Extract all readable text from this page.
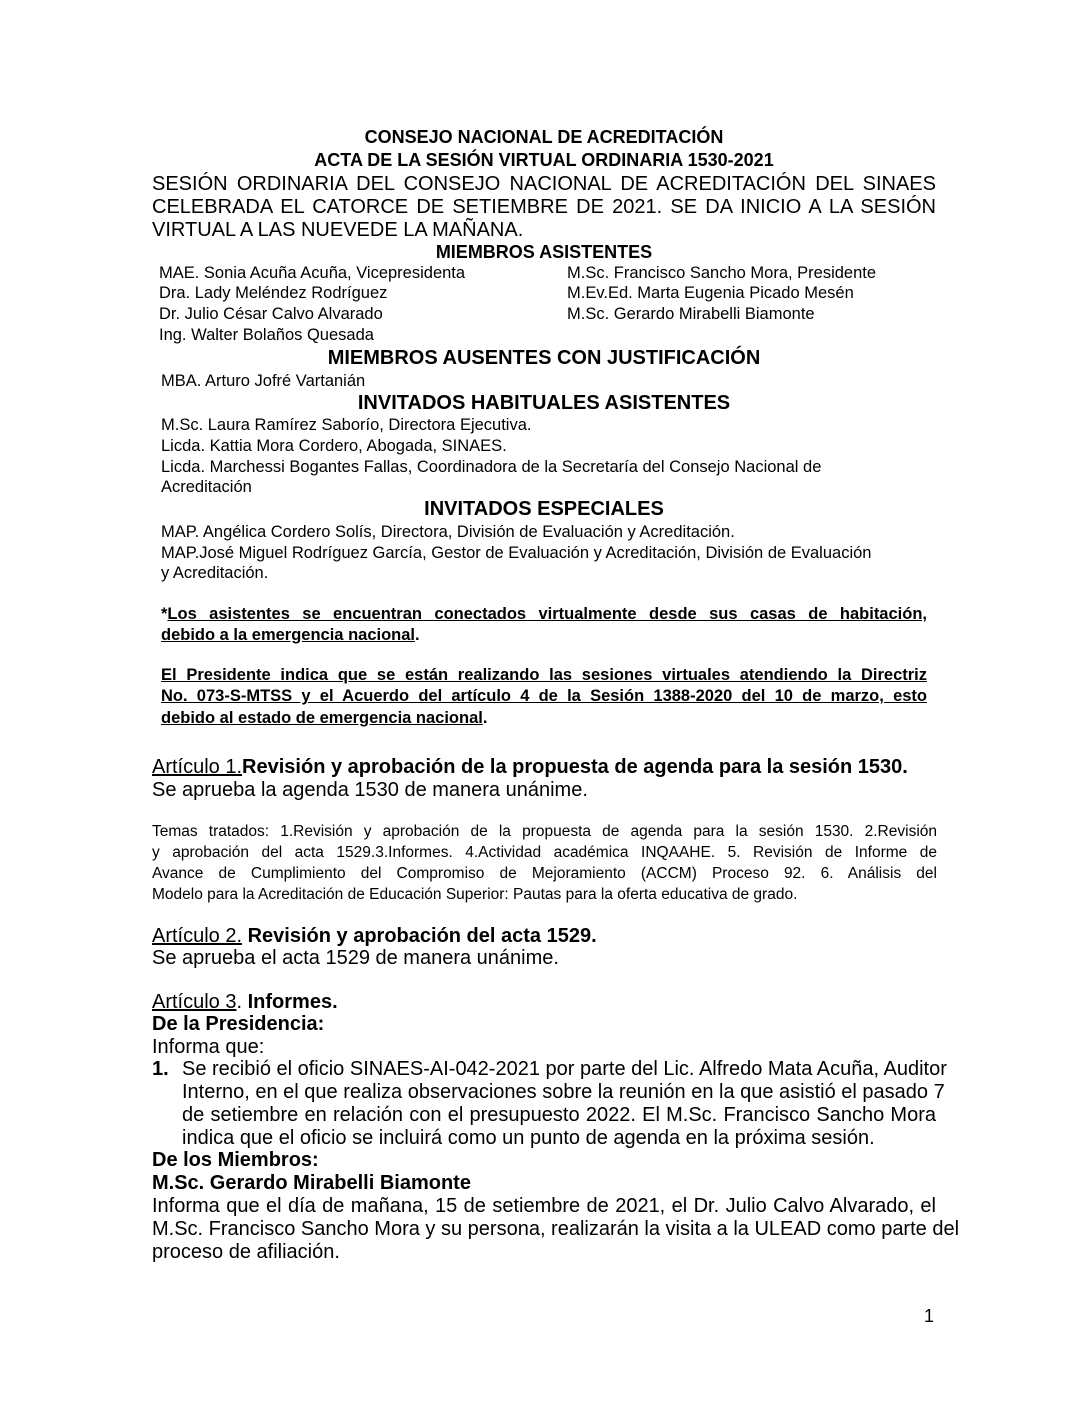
CONSEJO NACIONAL DE ACREDITACIÓN
ACTA DE LA SESIÓN VIRTUAL ORDINARIA 1530-2021
SESIÓN ORDINARIA DEL CONSEJO NACIONAL DE ACREDITACIÓN DEL SINAES
CELEBRADA EL CATORCE DE SETIEMBRE DE 2021. SE DA INICIO A LA SESIÓN
VIRTUAL A LAS NUEVEDE LA MAÑANA.
MIEMBROS ASISTENTES
MAE. Sonia Acuña Acuña, Vicepresidenta
Dra. Lady Meléndez Rodríguez
Dr. Julio César Calvo Alvarado
Ing. Walter Bolaños Quesada
M.Sc. Francisco Sancho Mora, Presidente
M.Ev.Ed. Marta Eugenia Picado Mesén
M.Sc. Gerardo Mirabelli Biamonte
MIEMBROS AUSENTES CON JUSTIFICACIÓN
MBA. Arturo Jofré Vartanián
INVITADOS HABITUALES ASISTENTES
M.Sc. Laura Ramírez Saborío, Directora Ejecutiva.
Licda. Kattia Mora Cordero, Abogada, SINAES.
Licda. Marchessi Bogantes Fallas, Coordinadora de la Secretaría del Consejo Nacional de
Acreditación
INVITADOS ESPECIALES
MAP. Angélica Cordero Solís, Directora, División de Evaluación y Acreditación.
MAP.José Miguel Rodríguez García, Gestor de Evaluación y Acreditación, División de Evaluación
y Acreditación.
*Los asistentes se encuentran conectados virtualmente desde sus casas de habitación,
debido a la emergencia nacional.
El Presidente indica que se están realizando las sesiones virtuales atendiendo la Directriz
No. 073-S-MTSS y el Acuerdo del artículo 4 de la Sesión 1388-2020 del 10 de marzo, esto
debido al estado de emergencia nacional.
Artículo 1.Revisión y aprobación de la propuesta de agenda para la sesión 1530.
Se aprueba la agenda 1530 de manera unánime.
Temas tratados: 1.Revisión y aprobación de la propuesta de agenda para la sesión 1530. 2.Revisión
y aprobación del acta 1529.3.Informes. 4.Actividad académica INQAAHE. 5. Revisión de Informe de
Avance de Cumplimiento del Compromiso de Mejoramiento (ACCM) Proceso 92. 6. Análisis del
Modelo para la Acreditación de Educación Superior: Pautas para la oferta educativa de grado.
Artículo 2. Revisión y aprobación del acta 1529.
Se aprueba el acta 1529 de manera unánime.
Artículo 3. Informes.
De la Presidencia:
Informa que:
1. Se recibió el oficio SINAES-AI-042-2021 por parte del Lic. Alfredo Mata Acuña, Auditor
Interno, en el que realiza observaciones sobre la reunión en la que asistió el pasado 7
de setiembre en relación con el presupuesto 2022. El M.Sc. Francisco Sancho Mora
indica que el oficio se incluirá como un punto de agenda en la próxima sesión.
De los Miembros:
M.Sc. Gerardo Mirabelli Biamonte
Informa que el día de mañana, 15 de setiembre de 2021, el Dr. Julio Calvo Alvarado, el
M.Sc. Francisco Sancho Mora y su persona, realizarán la visita a la ULEAD como parte del
proceso de afiliación.
1
